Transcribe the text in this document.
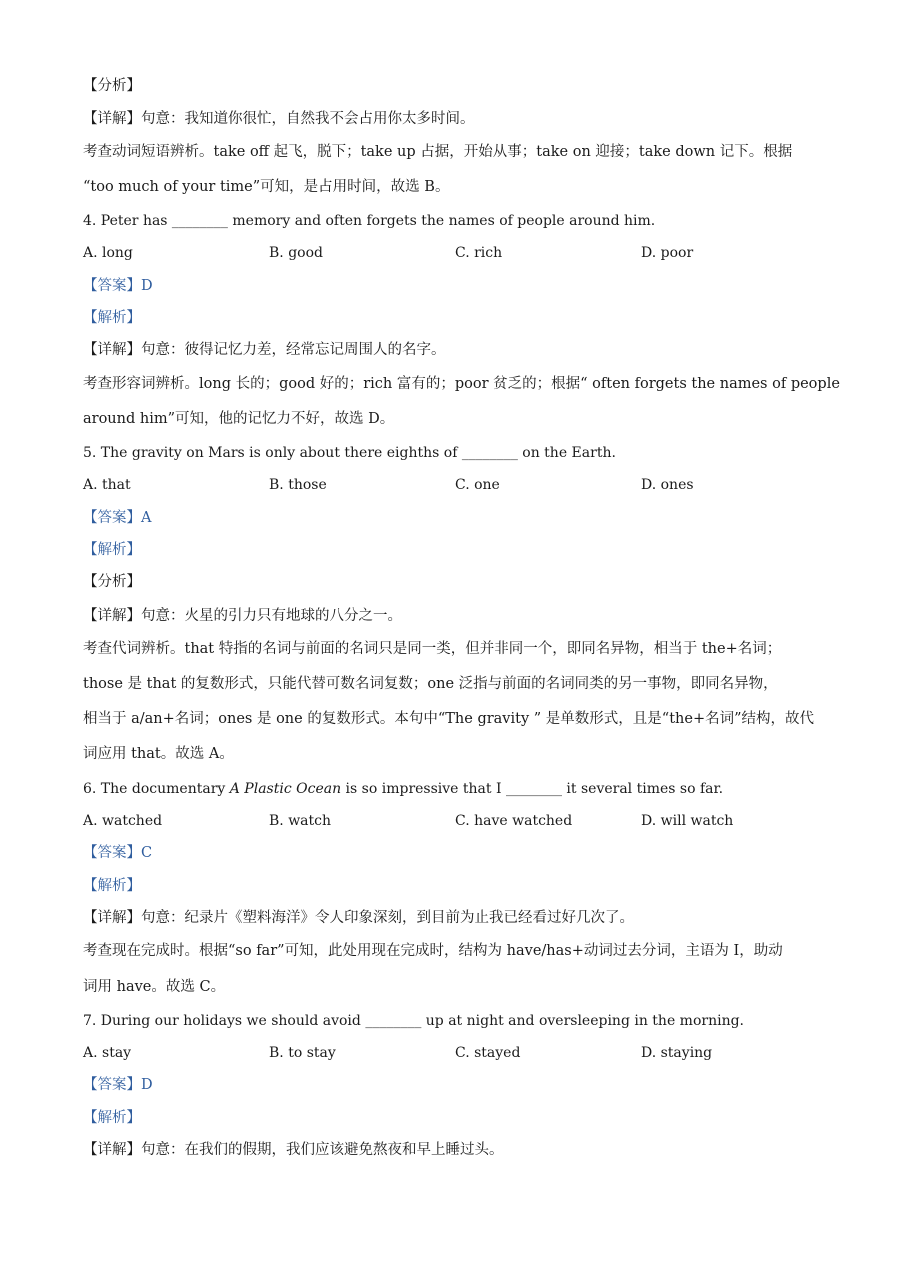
【分析】
【详解】句意：我知道你很忙，自然我不会占用你太多时间。
考查动词短语辨析。take off 起飞，脱下；take up 占据，开始从事；take on 迎接；take down 记下。根据
“too much of your time”可知，是占用时间，故选 B。
4. Peter has ________ memory and often forgets the names of people around him.
A. long	B. good	C. rich	D. poor
【答案】D
【解析】
【详解】句意：彼得记忆力差，经常忘记周围人的名字。
考查形容词辨析。long 长的；good 好的；rich 富有的；poor 贫乏的；根据“ often forgets the names of people
around him”可知，他的记忆力不好，故选 D。
5. The gravity on Mars is only about there eighths of ________ on the Earth.
A. that	B. those	C. one	D. ones
【答案】A
【解析】
【分析】
【详解】句意：火星的引力只有地球的八分之一。
考查代词辨析。that 特指的名词与前面的名词只是同一类，但并非同一个，即同名异物，相当于 the+名词；
those 是 that 的复数形式，只能代替可数名词复数；one 泛指与前面的名词同类的另一事物，即同名异物，
相当于 a/an+名词；ones 是 one 的复数形式。本句中“The gravity ” 是单数形式，且是“the+名词”结构，故代
词应用 that。故选 A。
6. The documentary A Plastic Ocean is so impressive that I ________ it several times so far.
A. watched	B. watch	C. have watched	D. will watch
【答案】C
【解析】
【详解】句意：纪录片《塑料海洋》令人印象深刻，到目前为止我已经看过好几次了。
考查现在完成时。根据“so far”可知，此处用现在完成时，结构为 have/has+动词过去分词，主语为 I，助动
词用 have。故选 C。
7. During our holidays we should avoid ________ up at night and oversleeping in the morning.
A. stay	B. to stay	C. stayed	D. staying
【答案】D
【解析】
【详解】句意：在我们的假期，我们应该避免熬夜和早上睡过头。
